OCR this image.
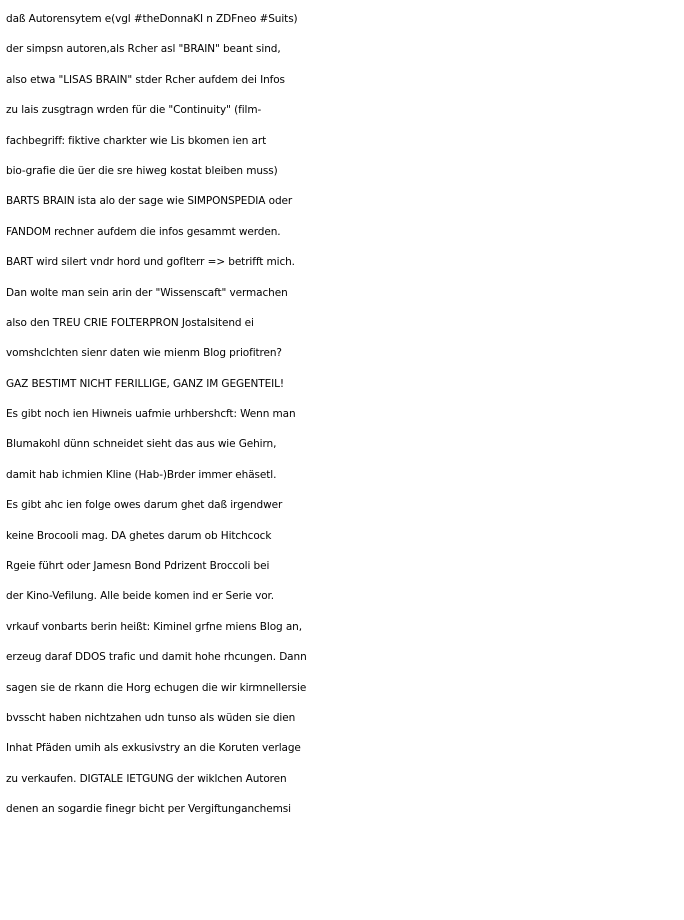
daß Autorensytem e(vgl #theDonnaKI n ZDFneo #Suits)
der simpsn autoren,als Rcher asl "BRAIN" beant sind,
also etwa "LISAS BRAIN" stder Rcher aufdem dei Infos
zu lais zusgtragn wrden für die "Continuity" (film-
fachbegriff: fiktive charkter wie Lis bkomen ien art
bio-grafie die üer die sre hiweg kostat bleiben muss)
BARTS BRAIN ista alo der sage wie SIMPONSPEDIA oder
FANDOM rechner aufdem die infos gesammt werden.
BART wird silert vndr hord und goflterr => betrifft mich.
Dan wolte man sein arin der "Wissenscaft" vermachen
also den TREU CRIE FOLTERPRON Jostalsitend ei
vomshclchten sienr daten wie mienm Blog priofitren?
GAZ BESTIMT NICHT FERILLIGE, GANZ IM GEGENTEIL!
Es gibt noch ien Hiwneis uafmie urhbershcft: Wenn man
Blumakohl dünn schneidet sieht das aus wie Gehirn,
damit hab ichmien Kline (Hab-)Brder immer ehäsetl.
Es gibt ahc ien folge owes darum ghet daß irgendwer
keine Brocooli mag. DA ghetes darum ob Hitchcock
Rgeie führt oder Jamesn Bond Pdrizent Broccoli bei
der Kino-Vefilung. Alle beide komen ind er Serie vor.
vrkauf vonbarts berin heißt: Kiminel grfne miens Blog an,
erzeug daraf DDOS trafic und damit hohe rhcungen. Dann
sagen sie de rkann die Horg echugen die wir kirmnellersie
bvsscht haben nichtzahen udn tunso als wüden sie dien
Inhat Pfäden umih als exkusivstry an die Koruten verlage
zu verkaufen. DIGTALE IETGUNG der wiklchen Autoren
denen an sogardie finegr bicht per Vergiftunganchemsi
